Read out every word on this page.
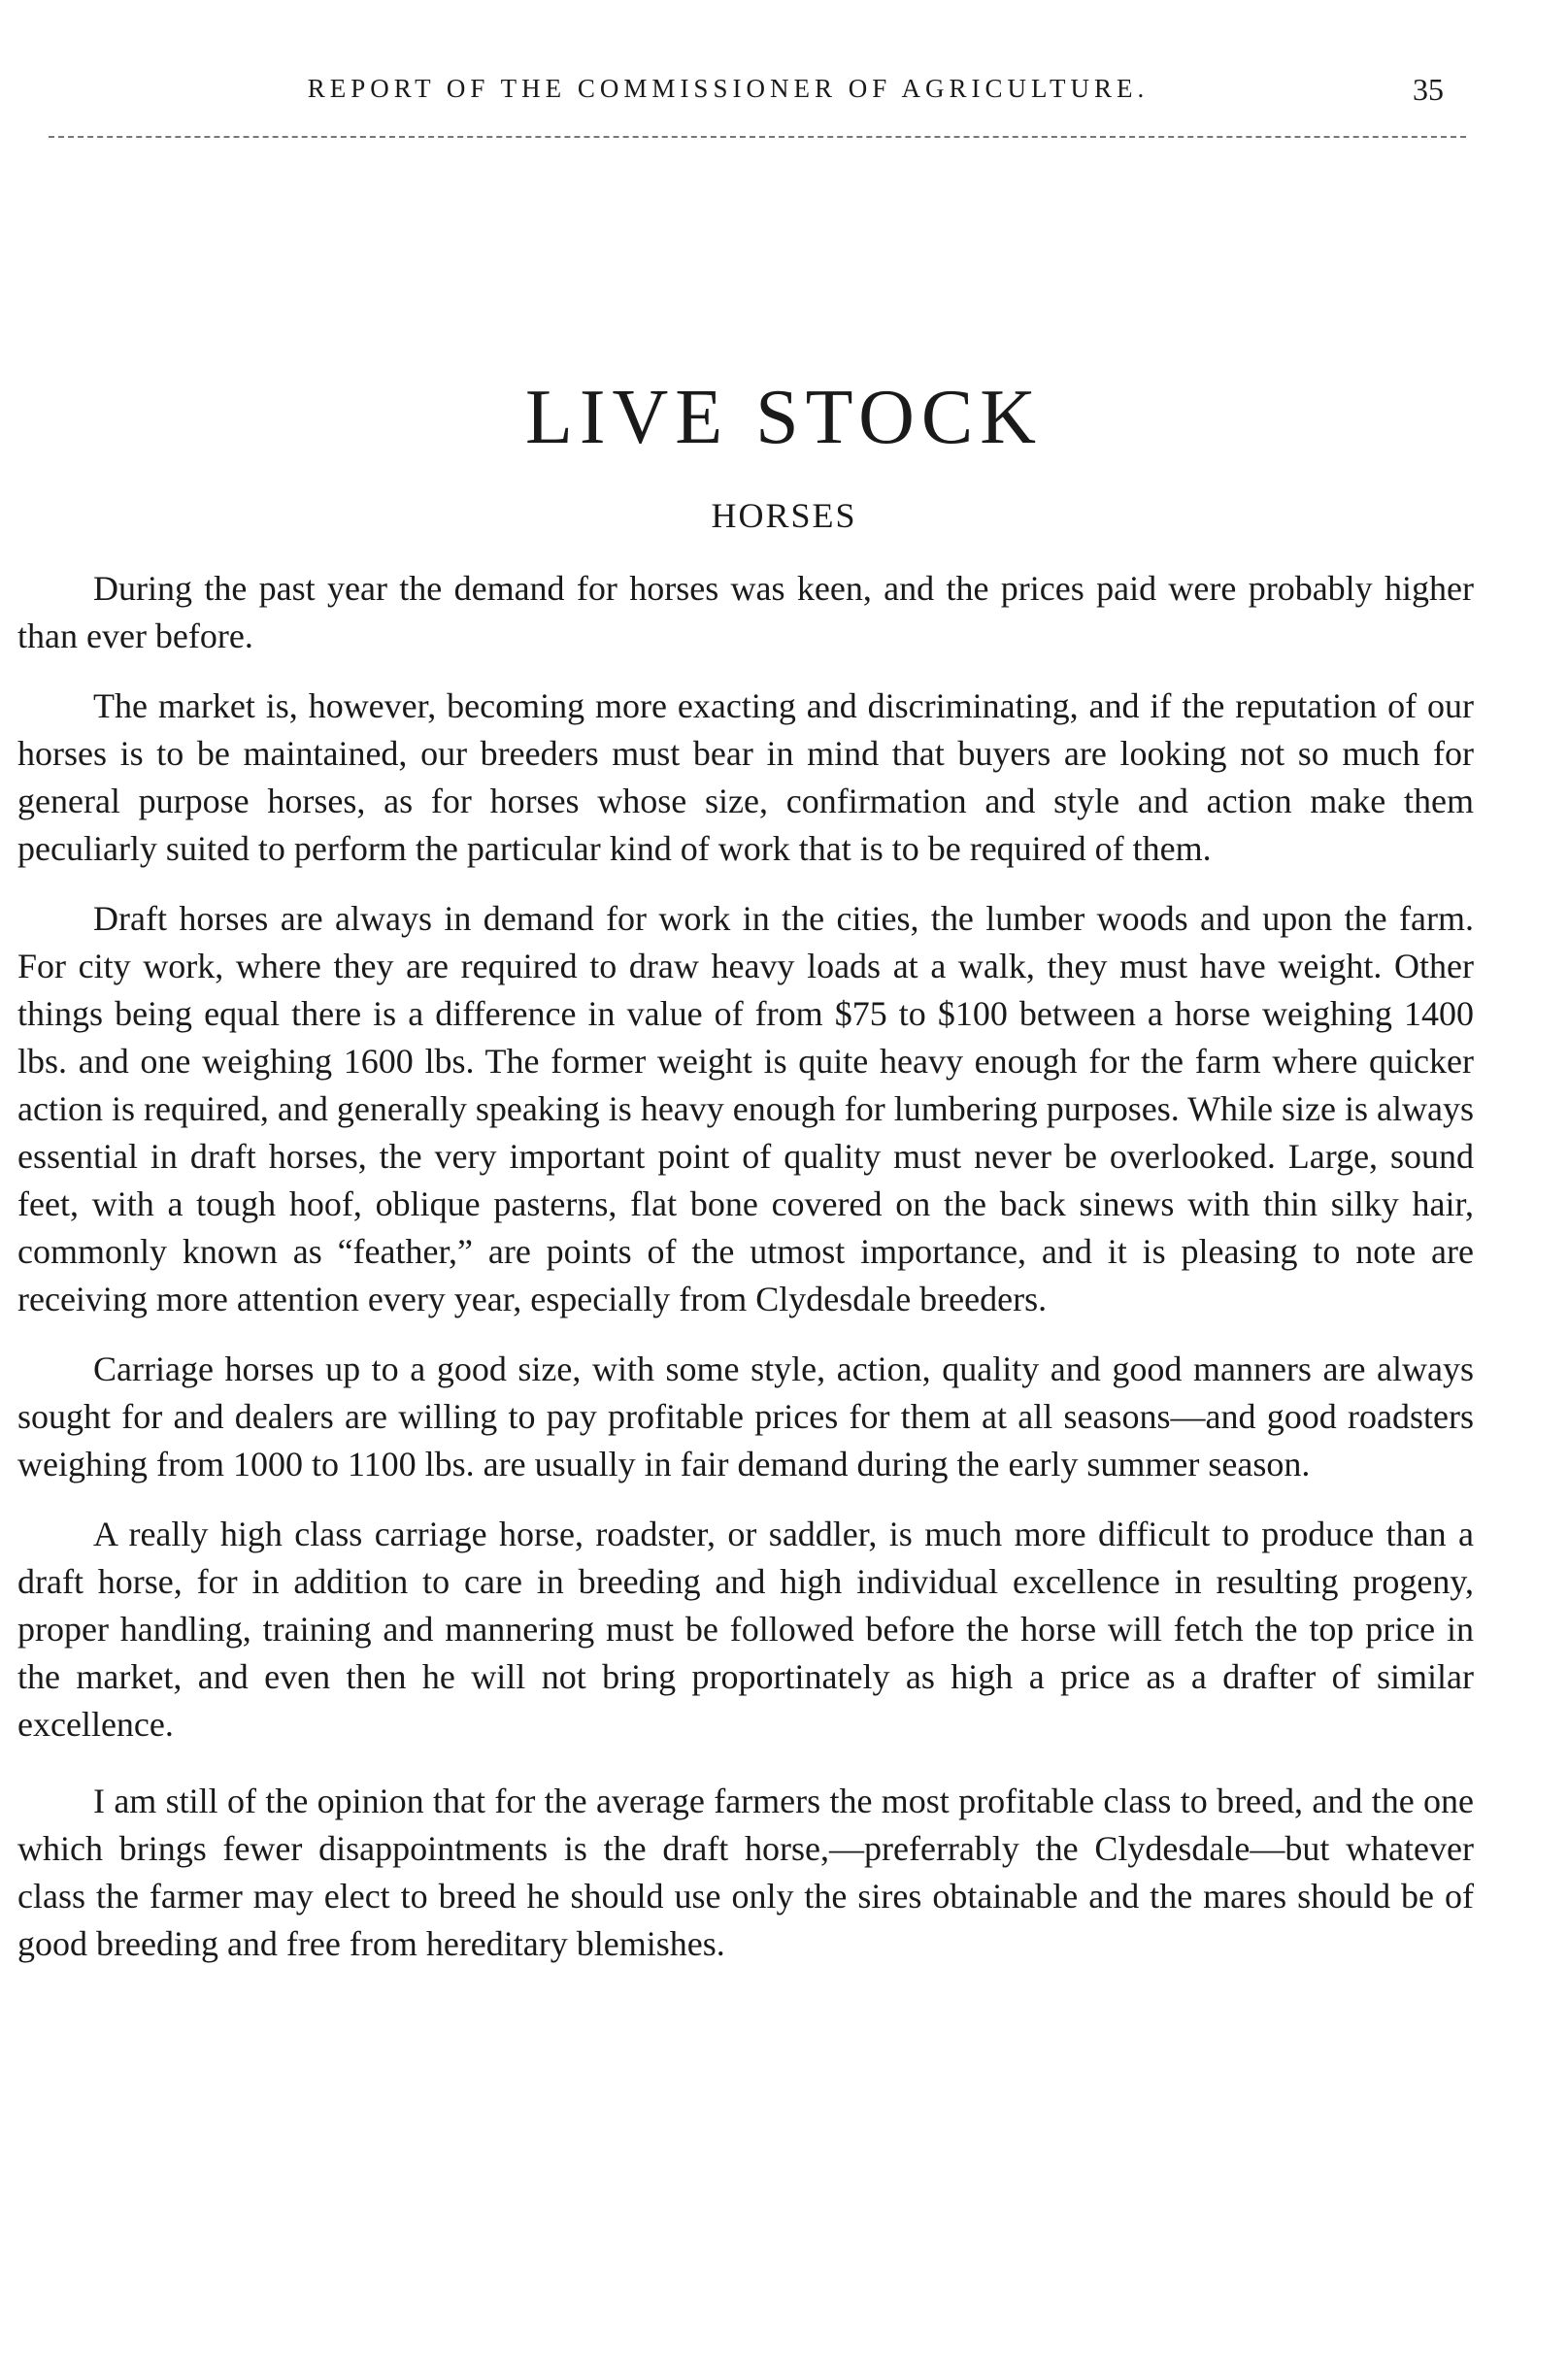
REPORT OF THE COMMISSIONER OF AGRICULTURE.	35
LIVE STOCK
HORSES

During the past year the demand for horses was keen, and the prices paid were probably higher than ever before.

The market is, however, becoming more exacting and discriminating, and if the reputation of our horses is to be maintained, our breeders must bear in mind that buyers are looking not so much for general purpose horses, as for horses whose size, confirmation and style and action make them peculiarly suited to perform the particular kind of work that is to be required of them.

Draft horses are always in demand for work in the cities, the lumber woods and upon the farm. For city work, where they are required to draw heavy loads at a walk, they must have weight. Other things being equal there is a difference in value of from $75 to $100 between a horse weighing 1400 lbs. and one weighing 1600 lbs. The former weight is quite heavy enough for the farm where quicker action is required, and generally speaking is heavy enough for lumbering purposes. While size is always essential in draft horses, the very important point of quality must never be overlooked. Large, sound feet, with a tough hoof, oblique pasterns, flat bone covered on the back sinews with thin silky hair, commonly known as “feather,” are points of the utmost importance, and it is pleasing to note are receiving more attention every year, especially from Clydesdale breeders.

Carriage horses up to a good size, with some style, action, quality and good manners are always sought for and dealers are willing to pay profitable prices for them at all seasons—and good roadsters weighing from 1000 to 1100 lbs. are usually in fair demand during the early summer season.

A really high class carriage horse, roadster, or saddler, is much more difficult to produce than a draft horse, for in addition to care in breeding and high individual excellence in resulting progeny, proper handling, training and mannering must be followed before the horse will fetch the top price in the market, and even then he will not bring proportinately as high a price as a drafter of similar excellence.

I am still of the opinion that for the average farmers the most profitable class to breed, and the one which brings fewer disappointments is the draft horse,—preferrably the Clydesdale—but whatever class the farmer may elect to breed he should use only the sires obtainable and the mares should be of good breeding and free from hereditary blemishes.
